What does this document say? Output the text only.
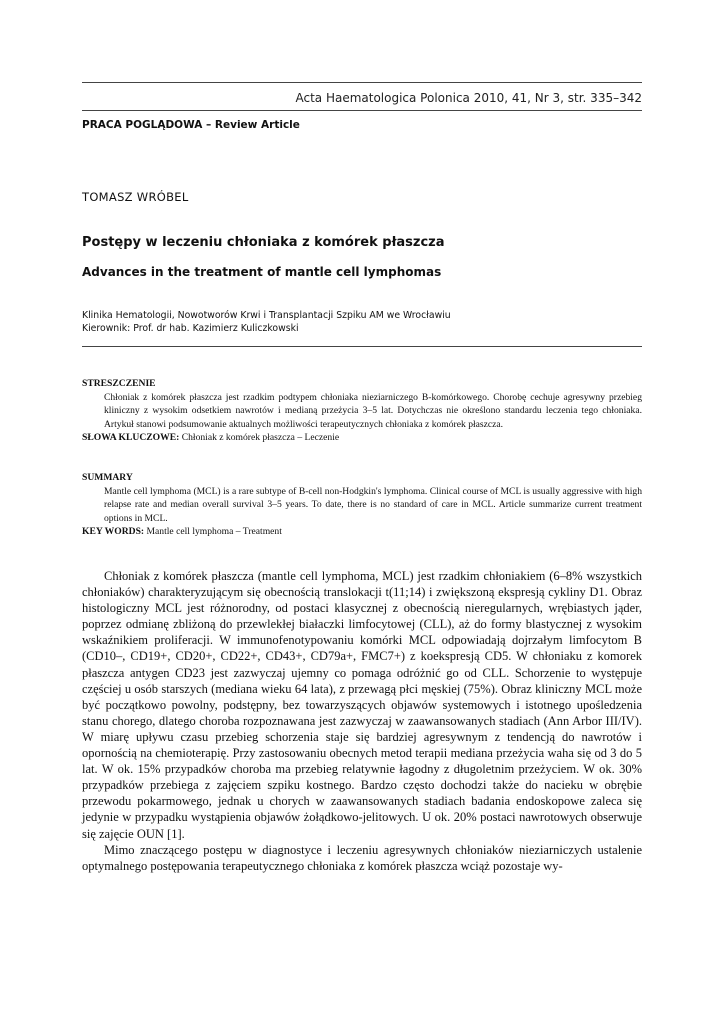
Acta Haematologica Polonica 2010, 41, Nr 3, str. 335–342
PRACA POGLĄDOWA – Review Article
TOMASZ WRÓBEL
Postępy w leczeniu chłoniaka z komórek płaszcza
Advances in the treatment of mantle cell lymphomas
Klinika Hematologii, Nowotworów Krwi i Transplantacji Szpiku AM we Wrocławiu
Kierownik: Prof. dr hab. Kazimierz Kuliczkowski
STRESZCZENIE
Chłoniak z komórek płaszcza jest rzadkim podtypem chłoniaka nieziarniczego B-komórkowego. Chorobę cechuje agresywny przebieg kliniczny z wysokim odsetkiem nawrotów i medianą przeżycia 3–5 lat. Dotychczas nie określono standardu leczenia tego chłoniaka. Artykuł stanowi podsumowanie aktualnych możliwości terapeutycznych chłoniaka z komórek płaszcza.
SŁOWA KLUCZOWE: Chłoniak z komórek płaszcza – Leczenie
SUMMARY
Mantle cell lymphoma (MCL) is a rare subtype of B-cell non-Hodgkin's lymphoma. Clinical course of MCL is usually aggressive with high relapse rate and median overall survival 3–5 years. To date, there is no standard of care in MCL. Article summarize current treatment options in MCL.
KEY WORDS: Mantle cell lymphoma – Treatment

Chłoniak z komórek płaszcza (mantle cell lymphoma, MCL) jest rzadkim chłoniakiem (6–8% wszystkich chłoniaków) charakteryzującym się obecnością translokacji t(11;14) i zwiększoną ekspresją cykliny D1. Obraz histologiczny MCL jest różnorodny, od postaci klasycznej z obecnością nieregularnych, wrębiastych jąder, poprzez odmianę zbliżoną do przewlekłej białaczki limfocytowej (CLL), aż do formy blastycznej z wysokim wskaźnikiem proliferacji. W immunofenotypowaniu komórki MCL odpowiadają dojrzałym limfocytom B (CD10–, CD19+, CD20+, CD22+, CD43+, CD79a+, FMC7+) z koekspresją CD5. W chłoniaku z komorek płaszcza antygen CD23 jest zazwyczaj ujemny co pomaga odróżnić go od CLL. Schorzenie to występuje częściej u osób starszych (mediana wieku 64 lata), z przewagą płci męskiej (75%). Obraz kliniczny MCL może być początkowo powolny, podstępny, bez towarzyszących objawów systemowych i istotnego upośledzenia stanu chorego, dlatego choroba rozpoznawana jest zazwyczaj w zaawansowanych stadiach (Ann Arbor III/IV). W miarę upływu czasu przebieg schorzenia staje się bardziej agresywnym z tendencją do nawrotów i opornością na chemioterapię. Przy zastosowaniu obecnych metod terapii mediana przeżycia waha się od 3 do 5 lat. W ok. 15% przypadków choroba ma przebieg relatywnie łagodny z długoletnim przeżyciem. W ok. 30% przypadków przebiega z zajęciem szpiku kostnego. Bardzo często dochodzi także do nacieku w obrębie przewodu pokarmowego, jednak u chorych w zaawansowanych stadiach badania endoskopowe zaleca się jedynie w przypadku wystąpienia objawów żołądkowo-jelitowych. U ok. 20% postaci nawrotowych obserwuje się zajęcie OUN [1].

Mimo znaczącego postępu w diagnostyce i leczeniu agresywnych chłoniaków nieziarniczych ustalenie optymalnego postępowania terapeutycznego chłoniaka z komórek płaszcza wciąż pozostaje wy-
